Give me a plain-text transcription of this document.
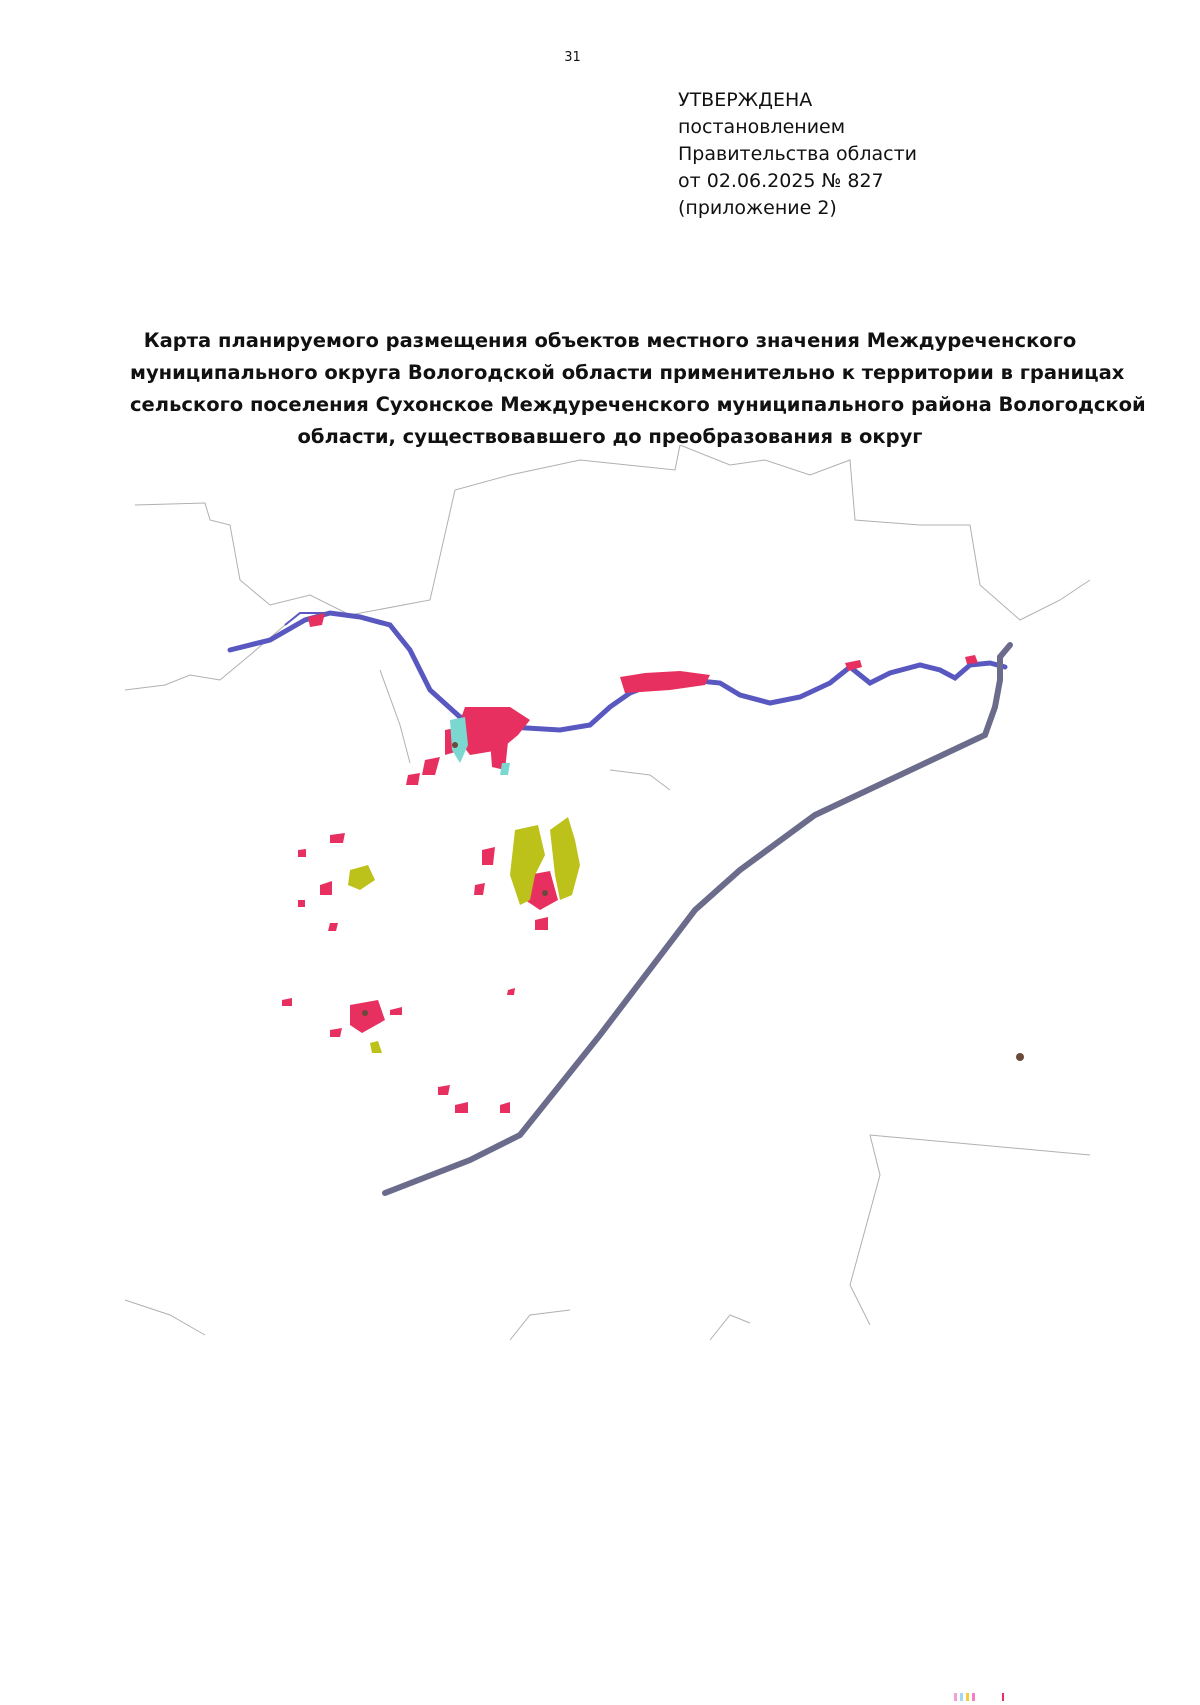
31
УТВЕРЖДЕНА
постановлением
Правительства области
от 02.06.2025 № 827
(приложение 2)
Карта планируемого размещения объектов местного значения Междуреченского
муниципального округа Вологодской области применительно к территории в границах
сельского поселения Сухонское Междуреченского муниципального района Вологодской
области, существовавшего до преобразования в округ
